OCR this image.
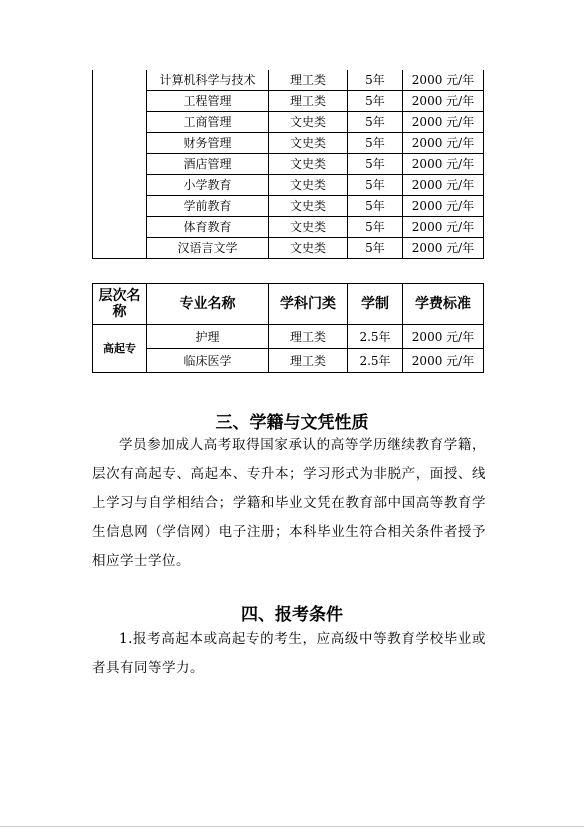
	计算机科学与技术	理工类	5年	2000 元/年
	工程管理	理工类	5年	2000 元/年
	工商管理	文史类	5年	2000 元/年
	财务管理	文史类	5年	2000 元/年
	酒店管理	文史类	5年	2000 元/年
	小学教育	文史类	5年	2000 元/年
	学前教育	文史类	5年	2000 元/年
	体育教育	文史类	5年	2000 元/年
	汉语言文学	文史类	5年	2000 元/年
层次名称	专业名称	学科门类	学制	学费标准
高起专	护理	理工类	2.5年	2000 元/年
	临床医学	理工类	2.5年	2000 元/年
三、学籍与文凭性质
学员参加成人高考取得国家承认的高等学历继续教育学籍，层次有高起专、高起本、专升本；学习形式为非脱产，面授、线上学习与自学相结合；学籍和毕业文凭在教育部中国高等教育学生信息网（学信网）电子注册；本科毕业生符合相关条件者授予相应学士学位。
四、报考条件
1.报考高起本或高起专的考生，应高级中等教育学校毕业或者具有同等学力。
